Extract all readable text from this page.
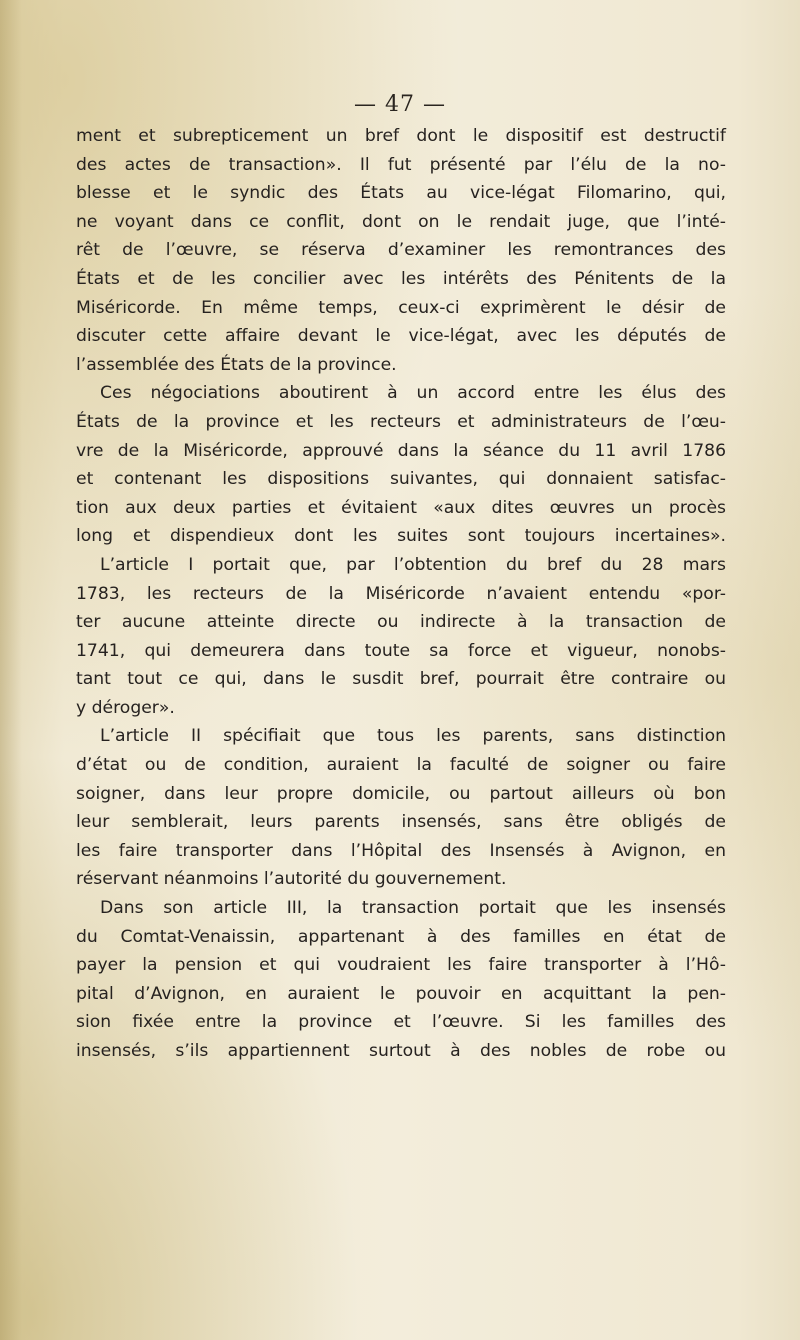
— 47 —
ment et subrepticement un bref dont le dispositif est destructif
des actes de transaction». Il fut présenté par l’élu de la no-
blesse et le syndic des États au vice-légat Filomarino, qui,
ne voyant dans ce conflit, dont on le rendait juge, que l’inté-
rêt de l’œuvre, se réserva d’examiner les remontrances des
États et de les concilier avec les intérêts des Pénitents de la
Miséricorde. En même temps, ceux-ci exprimèrent le désir de
discuter cette affaire devant le vice-légat, avec les députés de
l’assemblée des États de la province.
Ces négociations aboutirent à un accord entre les élus des
États de la province et les recteurs et administrateurs de l’œu-
vre de la Miséricorde, approuvé dans la séance du 11 avril 1786
et contenant les dispositions suivantes, qui donnaient satisfac-
tion aux deux parties et évitaient «aux dites œuvres un procès
long et dispendieux dont les suites sont toujours incertaines».
L’article I portait que, par l’obtention du bref du 28 mars
1783, les recteurs de la Miséricorde n’avaient entendu «por-
ter aucune atteinte directe ou indirecte à la transaction de
1741, qui demeurera dans toute sa force et vigueur, nonobs-
tant tout ce qui, dans le susdit bref, pourrait être contraire ou
y déroger».
L’article II spécifiait que tous les parents, sans distinction
d’état ou de condition, auraient la faculté de soigner ou faire
soigner, dans leur propre domicile, ou partout ailleurs où bon
leur semblerait, leurs parents insensés, sans être obligés de
les faire transporter dans l’Hôpital des Insensés à Avignon, en
réservant néanmoins l’autorité du gouvernement.
Dans son article III, la transaction portait que les insensés
du Comtat-Venaissin, appartenant à des familles en état de
payer la pension et qui voudraient les faire transporter à l’Hô-
pital d’Avignon, en auraient le pouvoir en acquittant la pen-
sion fixée entre la province et l’œuvre. Si les familles des
insensés, s’ils appartiennent surtout à des nobles de robe ou
